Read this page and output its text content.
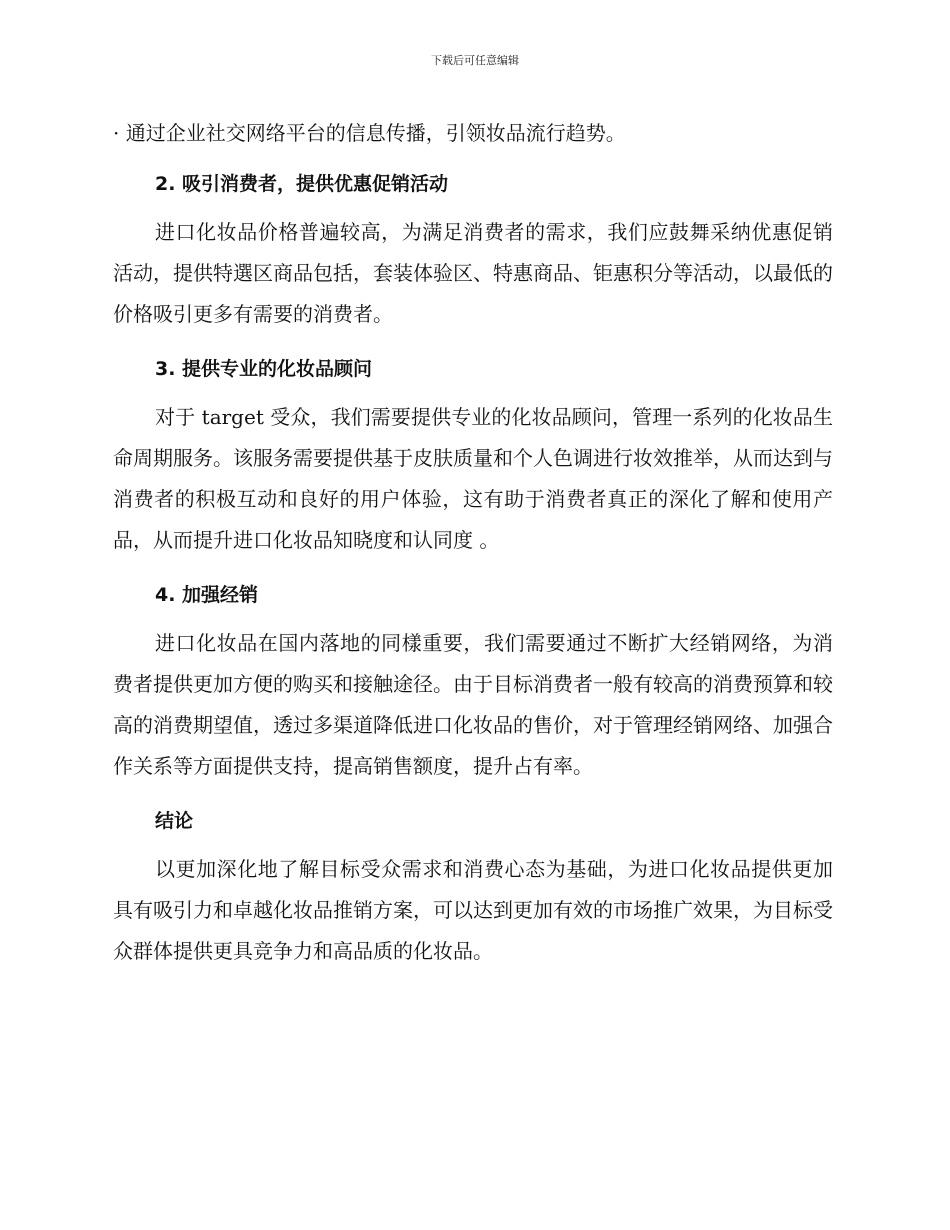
下载后可任意编辑

· 通过企业社交网络平台的信息传播，引领妆品流行趋势。

2. 吸引消费者，提供优惠促销活动

进口化妆品价格普遍较高，为满足消费者的需求，我们应鼓舞采纳优惠促销活动，提供特選区商品包括，套装体验区、特惠商品、钜惠积分等活动，以最低的价格吸引更多有需要的消费者。

3. 提供专业的化妆品顾问

对于 target 受众，我们需要提供专业的化妆品顾问，管理一系列的化妆品生命周期服务。该服务需要提供基于皮肤质量和个人色调进行妆效推举，从而达到与消费者的积极互动和良好的用户体验，这有助于消费者真正的深化了解和使用产品，从而提升进口化妆品知晓度和认同度 。

4. 加强经销

进口化妆品在国内落地的同樣重要，我们需要通过不断扩大经销网络，为消费者提供更加方便的购买和接触途径。由于目标消费者一般有较高的消费预算和较高的消费期望值，透过多渠道降低进口化妆品的售价，对于管理经销网络、加强合作关系等方面提供支持，提高销售额度，提升占有率。

结论

以更加深化地了解目标受众需求和消费心态为基础，为进口化妆品提供更加具有吸引力和卓越化妆品推销方案，可以达到更加有效的市场推广效果，为目标受众群体提供更具竞争力和高品质的化妆品。
